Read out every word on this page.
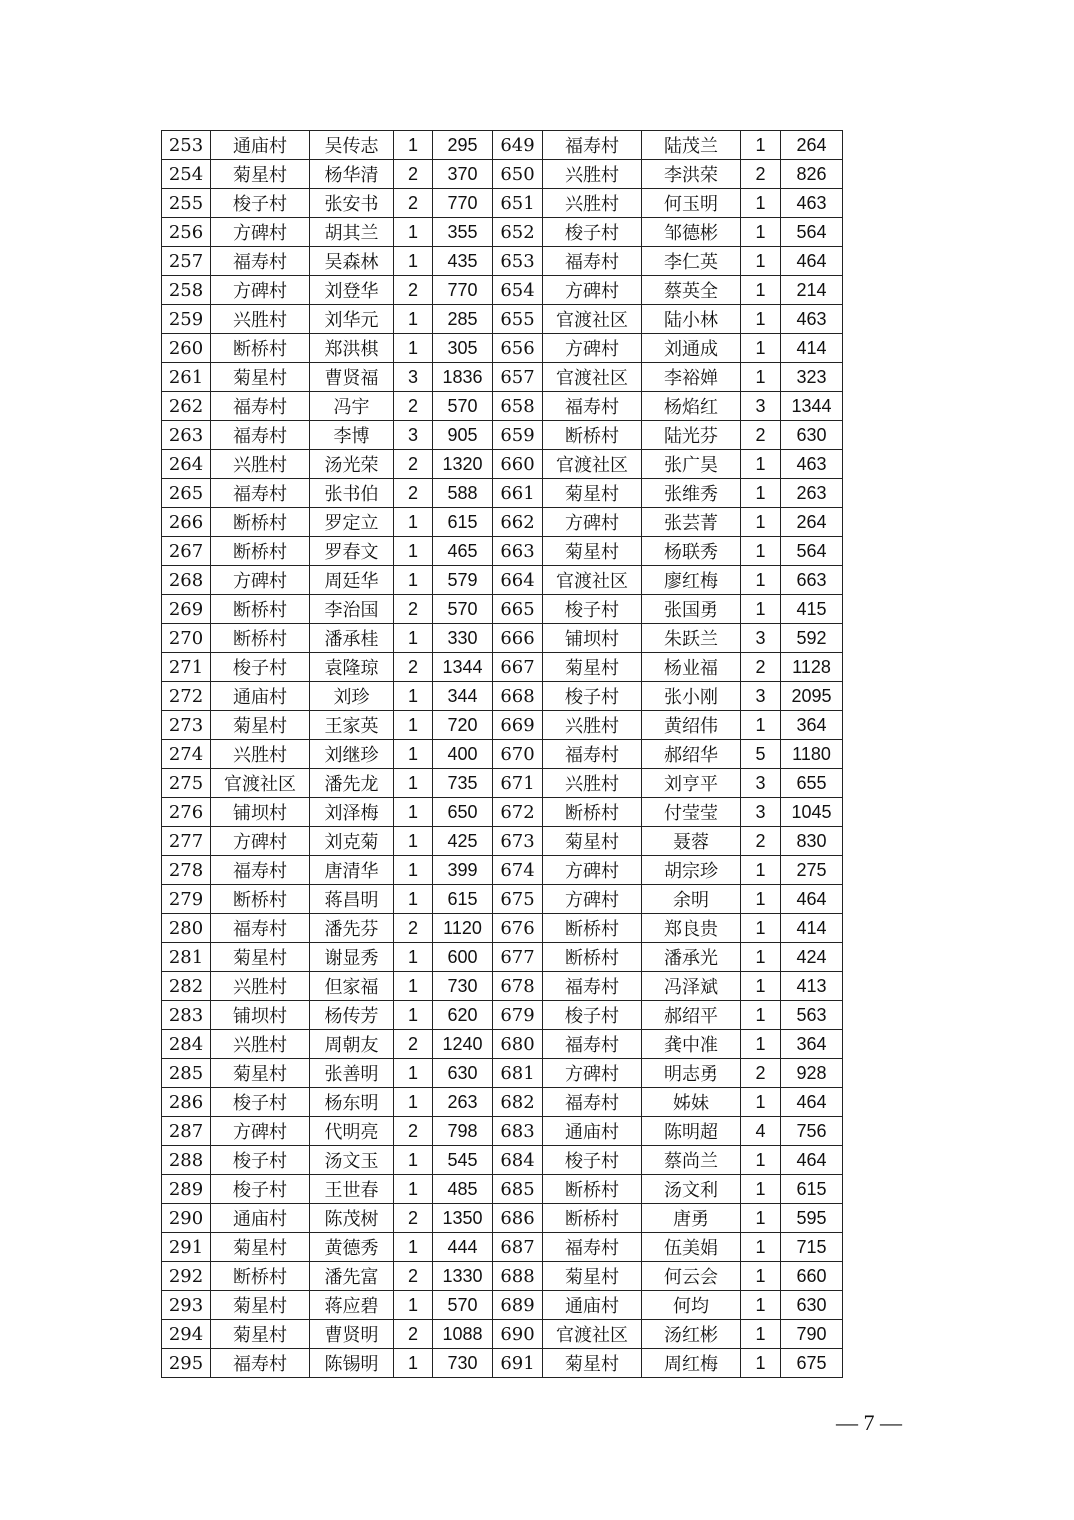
253	通庙村	吴传志	1	295	649	福寿村	陆茂兰	1	264
254	菊星村	杨华清	2	370	650	兴胜村	李洪荣	2	826
255	梭子村	张安书	2	770	651	兴胜村	何玉明	1	463
256	方碑村	胡其兰	1	355	652	梭子村	邹德彬	1	564
257	福寿村	吴森林	1	435	653	福寿村	李仁英	1	464
258	方碑村	刘登华	2	770	654	方碑村	蔡英全	1	214
259	兴胜村	刘华元	1	285	655	官渡社区	陆小林	1	463
260	断桥村	郑洪棋	1	305	656	方碑村	刘通成	1	414
261	菊星村	曹贤福	3	1836	657	官渡社区	李裕婵	1	323
262	福寿村	冯宇	2	570	658	福寿村	杨焰红	3	1344
263	福寿村	李博	3	905	659	断桥村	陆光芬	2	630
264	兴胜村	汤光荣	2	1320	660	官渡社区	张广昊	1	463
265	福寿村	张书伯	2	588	661	菊星村	张维秀	1	263
266	断桥村	罗定立	1	615	662	方碑村	张芸菁	1	264
267	断桥村	罗春文	1	465	663	菊星村	杨联秀	1	564
268	方碑村	周廷华	1	579	664	官渡社区	廖红梅	1	663
269	断桥村	李治国	2	570	665	梭子村	张国勇	1	415
270	断桥村	潘承桂	1	330	666	铺坝村	朱跃兰	3	592
271	梭子村	袁隆琼	2	1344	667	菊星村	杨业福	2	1128
272	通庙村	刘珍	1	344	668	梭子村	张小刚	3	2095
273	菊星村	王家英	1	720	669	兴胜村	黄绍伟	1	364
274	兴胜村	刘继珍	1	400	670	福寿村	郝绍华	5	1180
275	官渡社区	潘先龙	1	735	671	兴胜村	刘亨平	3	655
276	铺坝村	刘泽梅	1	650	672	断桥村	付莹莹	3	1045
277	方碑村	刘克菊	1	425	673	菊星村	聂蓉	2	830
278	福寿村	唐清华	1	399	674	方碑村	胡宗珍	1	275
279	断桥村	蒋昌明	1	615	675	方碑村	余明	1	464
280	福寿村	潘先芬	2	1120	676	断桥村	郑良贵	1	414
281	菊星村	谢显秀	1	600	677	断桥村	潘承光	1	424
282	兴胜村	但家福	1	730	678	福寿村	冯泽斌	1	413
283	铺坝村	杨传芳	1	620	679	梭子村	郝绍平	1	563
284	兴胜村	周朝友	2	1240	680	福寿村	龚中准	1	364
285	菊星村	张善明	1	630	681	方碑村	明志勇	2	928
286	梭子村	杨东明	1	263	682	福寿村	姊妹	1	464
287	方碑村	代明亮	2	798	683	通庙村	陈明超	4	756
288	梭子村	汤文玉	1	545	684	梭子村	蔡尚兰	1	464
289	梭子村	王世春	1	485	685	断桥村	汤文利	1	615
290	通庙村	陈茂树	2	1350	686	断桥村	唐勇	1	595
291	菊星村	黄德秀	1	444	687	福寿村	伍美娟	1	715
292	断桥村	潘先富	2	1330	688	菊星村	何云会	1	660
293	菊星村	蒋应碧	1	570	689	通庙村	何均	1	630
294	菊星村	曹贤明	2	1088	690	官渡社区	汤红彬	1	790
295	福寿村	陈锡明	1	730	691	菊星村	周红梅	1	675
— 7 —
